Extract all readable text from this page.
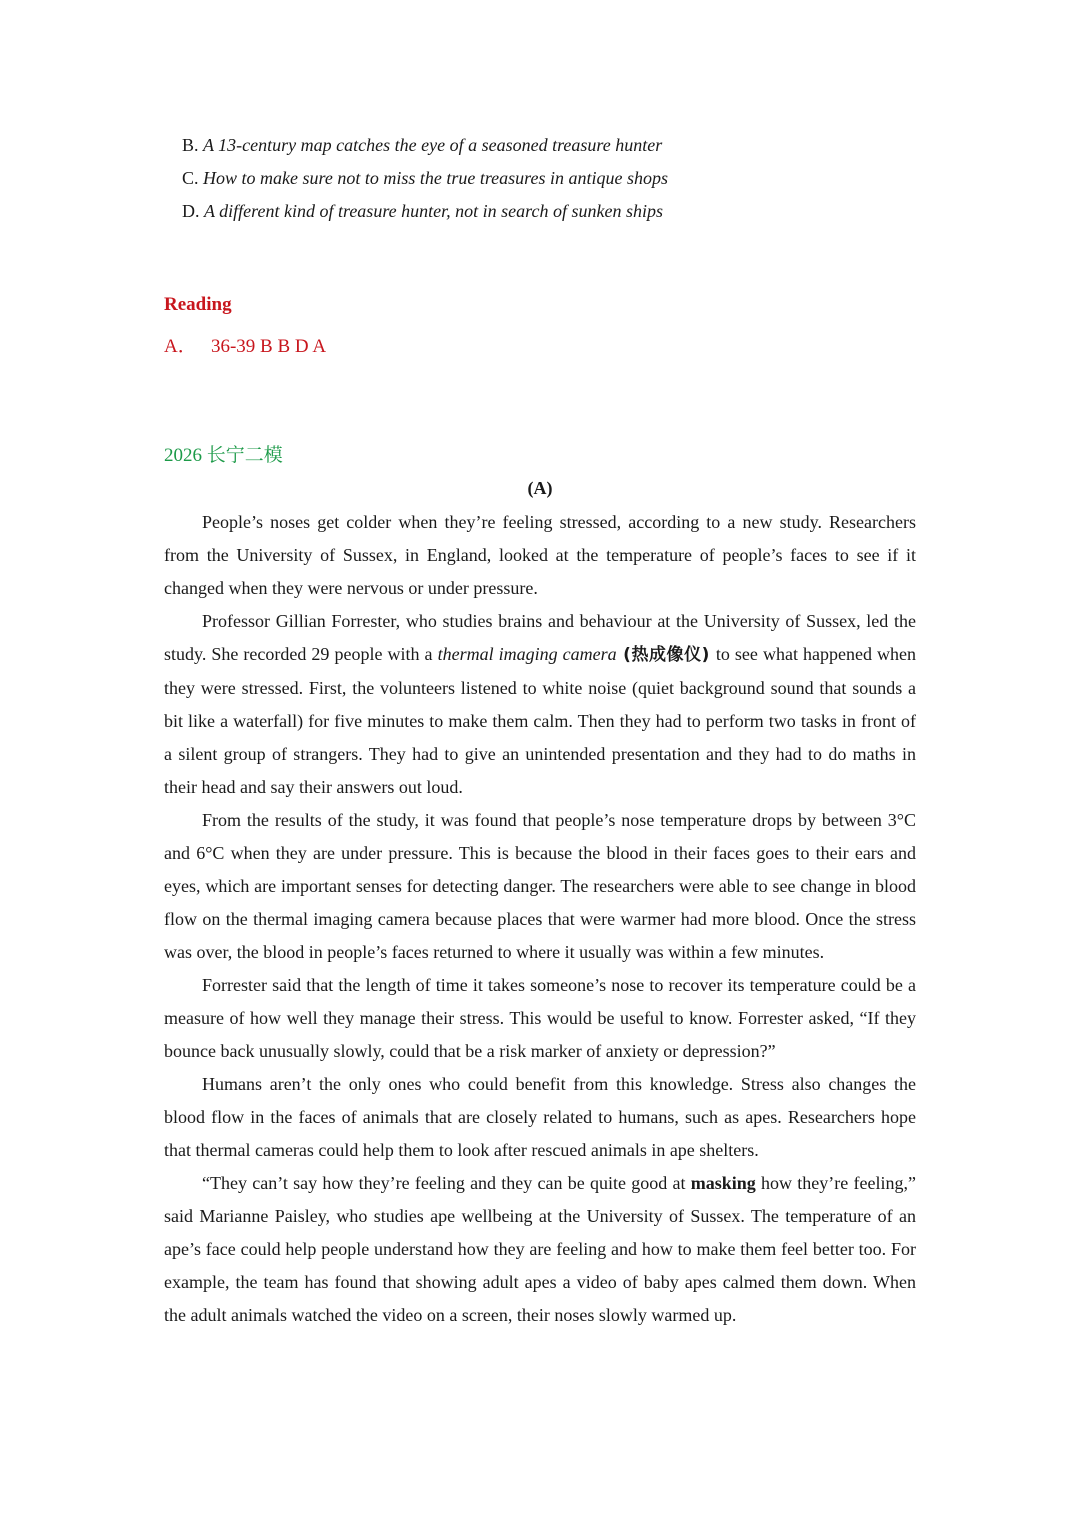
B. A 13-century map catches the eye of a seasoned treasure hunter
C. How to make sure not to miss the true treasures in antique shops
D. A different kind of treasure hunter, not in search of sunken ships
Reading
A．   36-39 B B D A
2026 长宁二模
(A)

People’s noses get colder when they’re feeling stressed, according to a new study. Researchers from the University of Sussex, in England, looked at the temperature of people’s faces to see if it changed when they were nervous or under pressure.

Professor Gillian Forrester, who studies brains and behaviour at the University of Sussex, led the study. She recorded 29 people with a thermal imaging camera (热成像仪) to see what happened when they were stressed. First, the volunteers listened to white noise (quiet background sound that sounds a bit like a waterfall) for five minutes to make them calm. Then they had to perform two tasks in front of a silent group of strangers. They had to give an unintended presentation and they had to do maths in their head and say their answers out loud.

From the results of the study, it was found that people’s nose temperature drops by between 3°C and 6°C when they are under pressure. This is because the blood in their faces goes to their ears and eyes, which are important senses for detecting danger. The researchers were able to see change in blood flow on the thermal imaging camera because places that were warmer had more blood. Once the stress was over, the blood in people’s faces returned to where it usually was within a few minutes.

Forrester said that the length of time it takes someone’s nose to recover its temperature could be a measure of how well they manage their stress. This would be useful to know. Forrester asked, “If they bounce back unusually slowly, could that be a risk marker of anxiety or depression?”

Humans aren’t the only ones who could benefit from this knowledge. Stress also changes the blood flow in the faces of animals that are closely related to humans, such as apes. Researchers hope that thermal cameras could help them to look after rescued animals in ape shelters.

“They can’t say how they’re feeling and they can be quite good at masking how they’re feeling,” said Marianne Paisley, who studies ape wellbeing at the University of Sussex. The temperature of an ape’s face could help people understand how they are feeling and how to make them feel better too. For example, the team has found that showing adult apes a video of baby apes calmed them down. When the adult animals watched the video on a screen, their noses slowly warmed up.
